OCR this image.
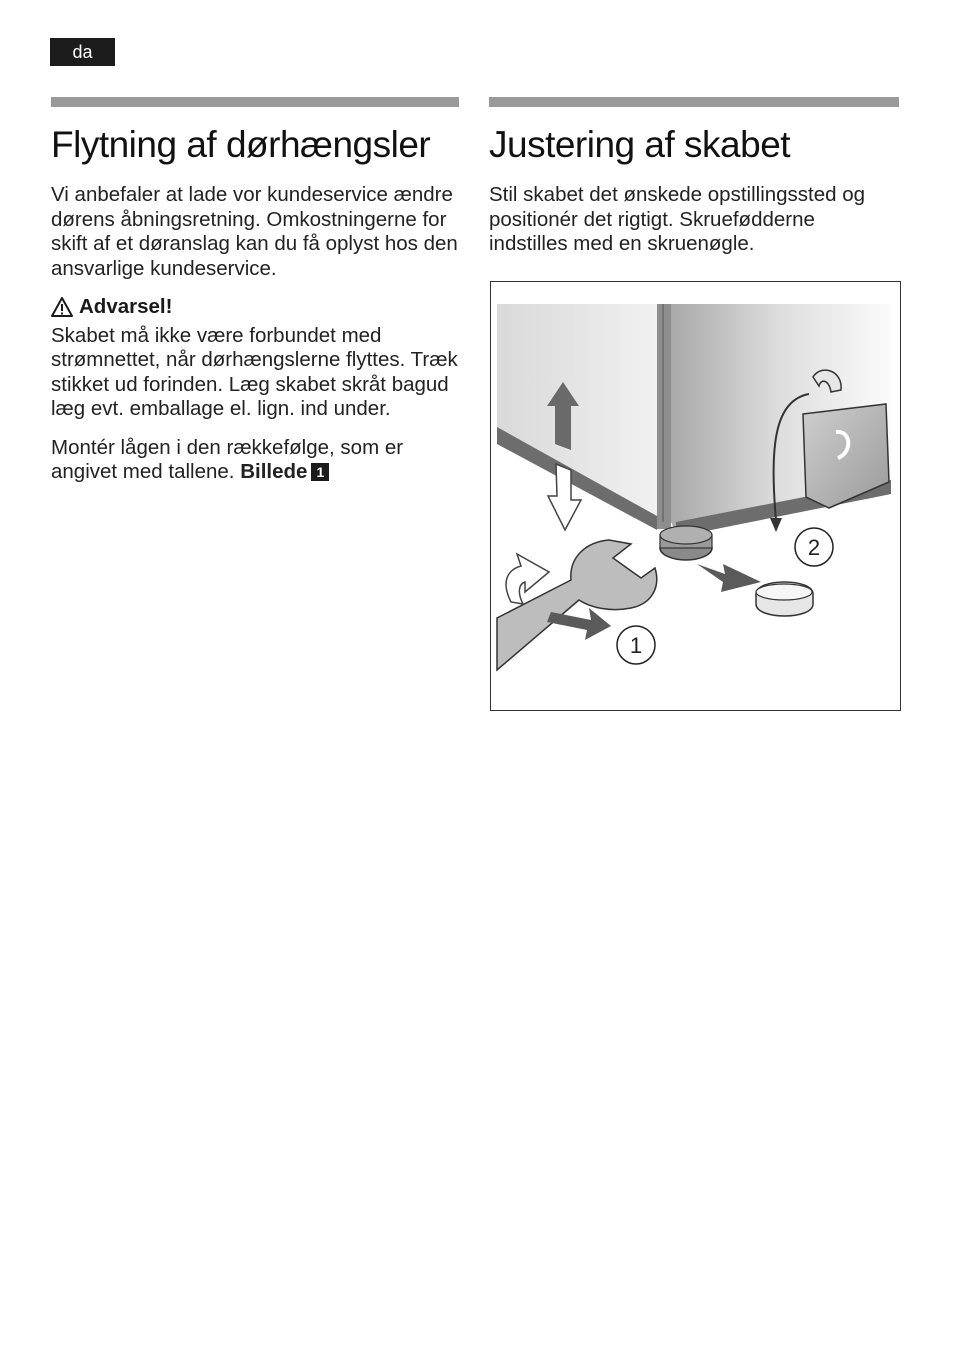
da
Flytning af dørhængsler

Vi anbefaler at lade vor kundeservice ændre dørens åbningsretning. Omkostningerne for skift af et døranslag kan du få oplyst hos den ansvarlige kundeservice.

Advarsel!

Skabet må ikke være forbundet med strømnettet, når dørhængslerne flyttes. Træk stikket ud forinden. Læg skabet skråt bagud læg evt. emballage el. lign. ind under.

Montér lågen i den rækkefølge, som er angivet med tallene. Billede 1

Justering af skabet

Stil skabet det ønskede opstillingssted og positionér det rigtigt. Skruefødderne indstilles med en skruenøgle.

1
2
